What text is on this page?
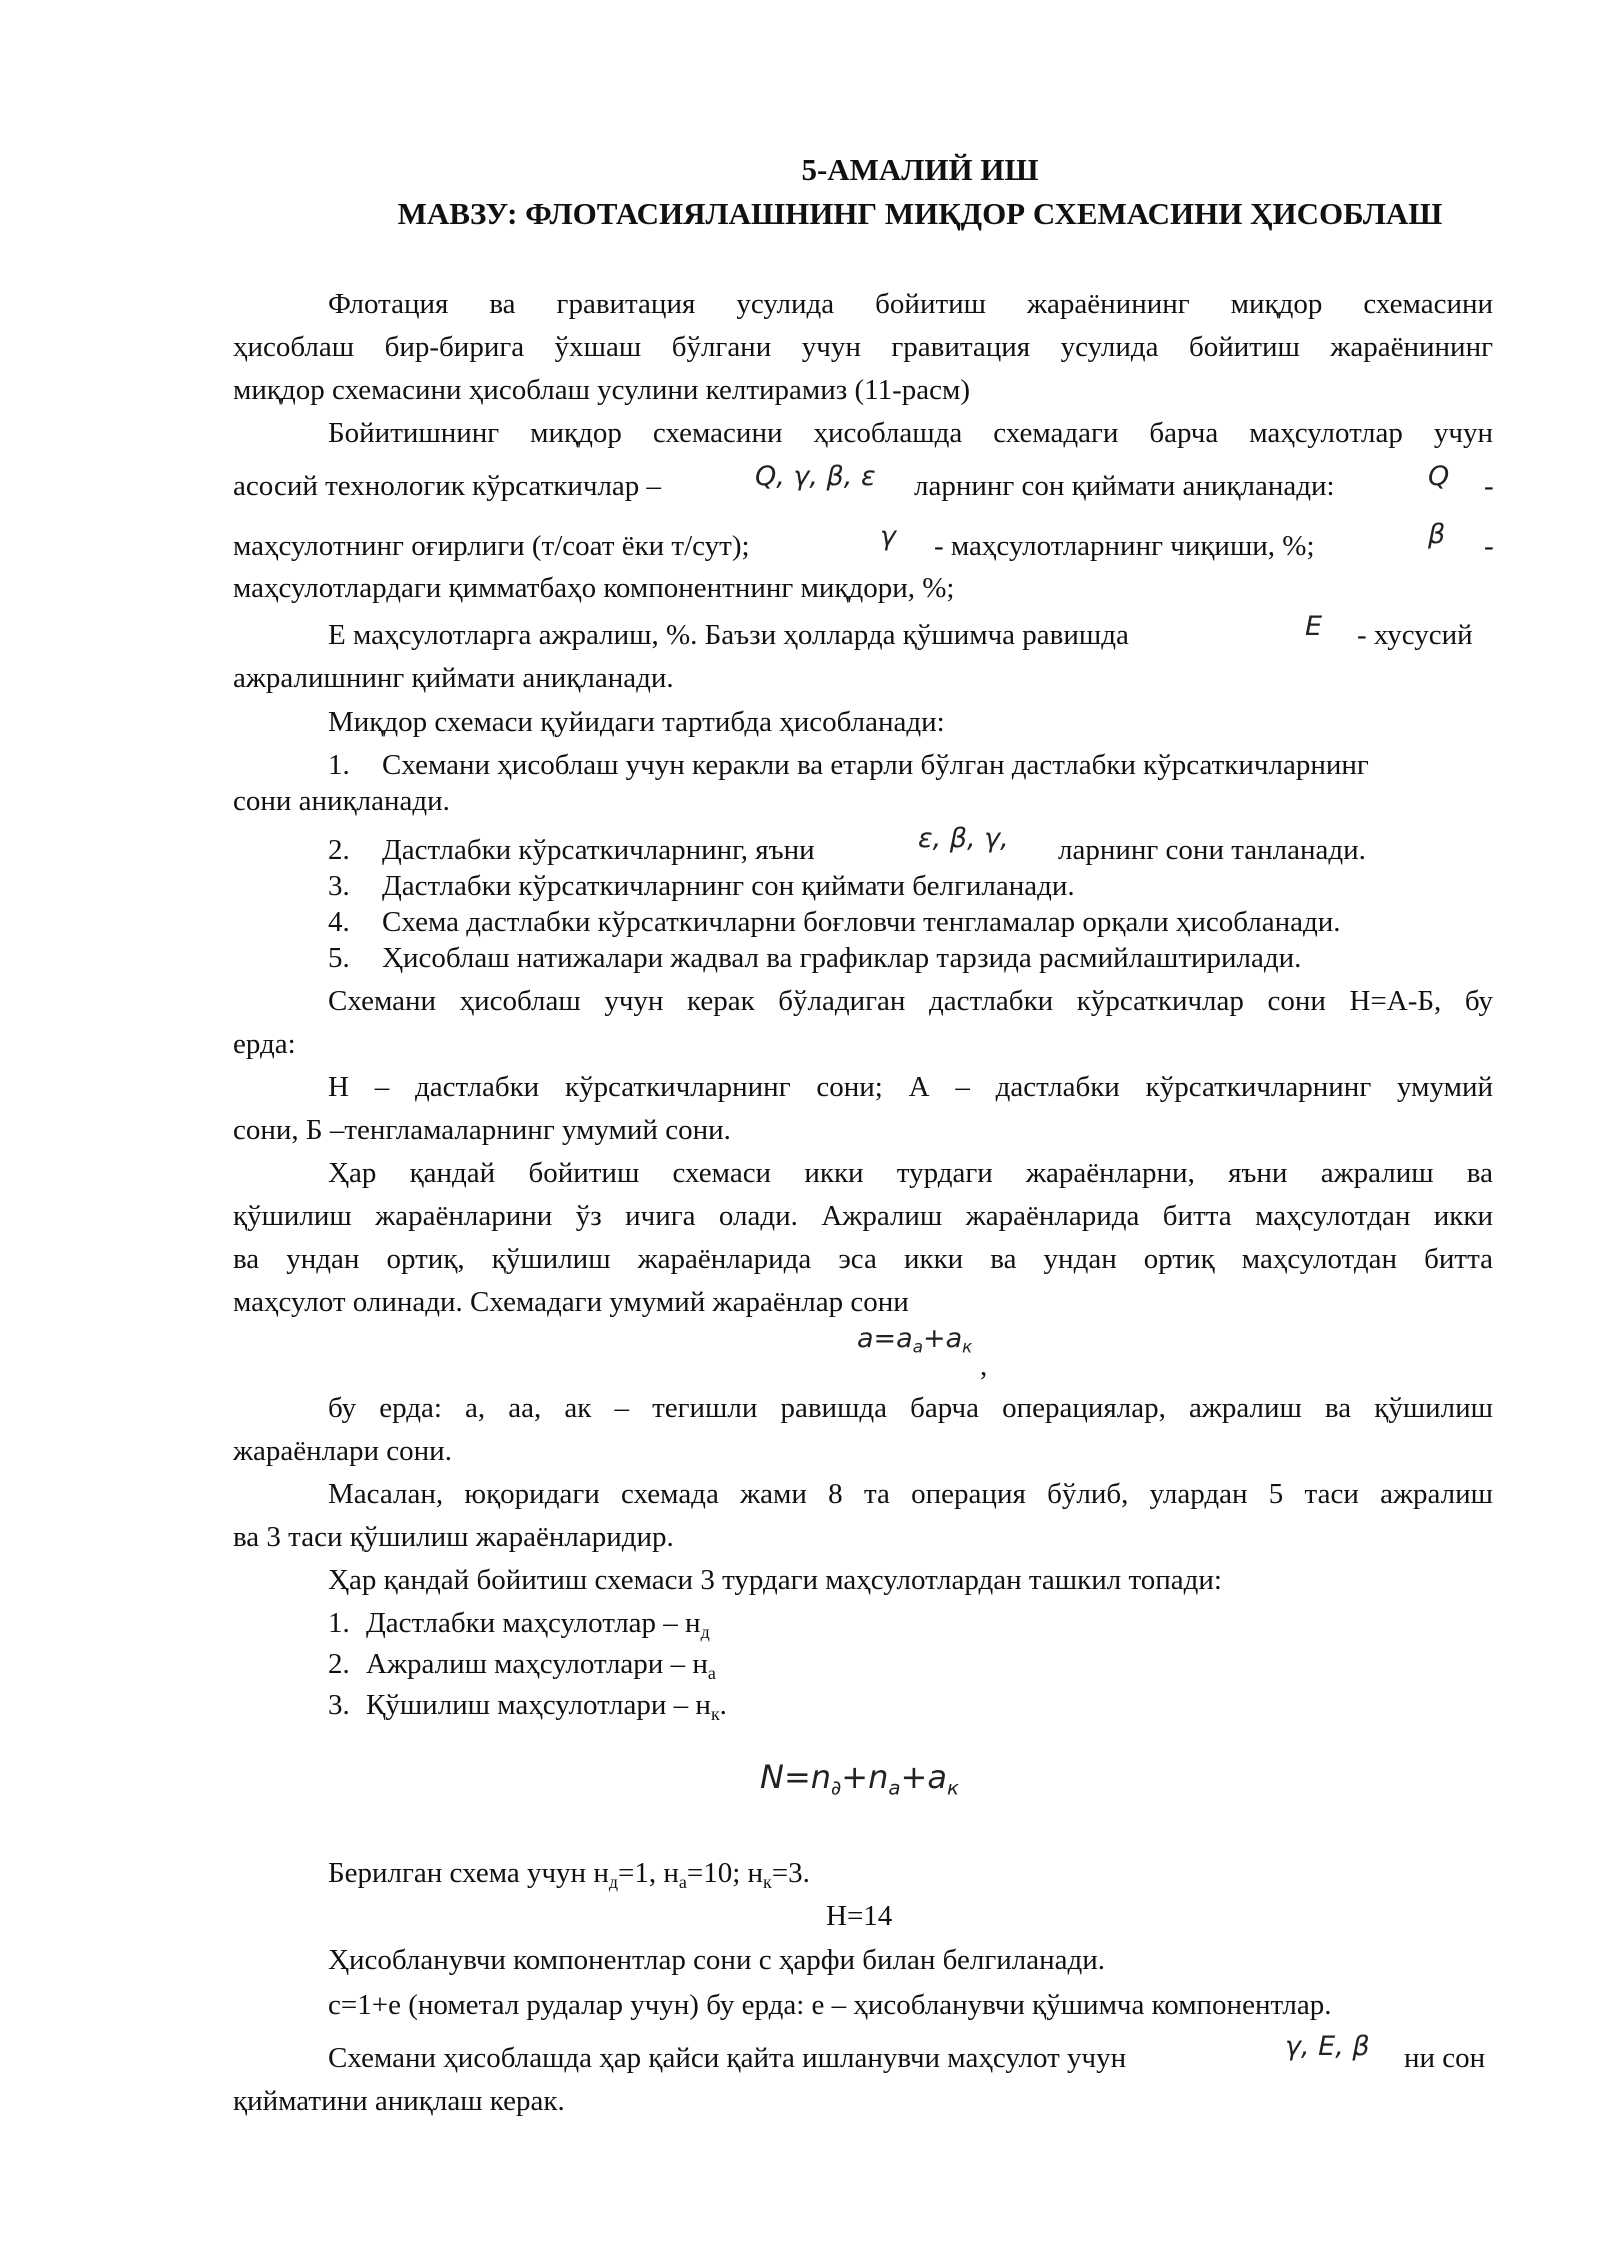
5-АМАЛИЙ ИШ
МАВЗУ: ФЛОТАСИЯЛАШНИНГ МИҚДОР СХЕМАСИНИ ҲИСОБЛАШ
Флотация ва гравитация усулида бойитиш жараёнининг миқдор схемасини
ҳисоблаш бир-бирига ўхшаш бўлгани учун гравитация усулида бойитиш жараёнининг
миқдор схемасини ҳисоблаш усулини келтирамиз (11-расм)
Бойитишнинг миқдор схемасини ҳисоблашда схемадаги барча маҳсулотлар учун
асосий технологик кўрсаткичлар –	Q, γ, β, ε ларнинг сон қиймати аниқланади:	Q -
маҳсулотнинг оғирлиги (т/соат ёки т/сут);	γ - маҳсулотларнинг чиқиши, %;	β -
маҳсулотлардаги қимматбаҳо компонентнинг миқдори, %;
Е маҳсулотларга ажралиш, %. Баъзи ҳолларда қўшимча равишда	E - хусусий
ажралишнинг қиймати аниқланади.
Миқдор схемаси қуйидаги тартибда ҳисобланади:
1. Схемани ҳисоблаш учун керакли ва етарли бўлган дастлабки кўрсаткичларнинг
сони аниқланади.
2. Дастлабки кўрсаткичларнинг, яъни	ε, β, γ, ларнинг сони танланади.
3. Дастлабки кўрсаткичларнинг сон қиймати белгиланади.
4. Схема дастлабки кўрсаткичларни боғловчи тенгламалар орқали ҳисобланади.
5. Ҳисоблаш натижалари жадвал ва графиклар тарзида расмийлаштирилади.
Схемани ҳисоблаш учун керак бўладиган дастлабки кўрсаткичлар сони Н=А-Б, бу
ерда:
Н – дастлабки кўрсаткичларнинг сони; А – дастлабки кўрсаткичларнинг умумий
сони, Б –тенгламаларнинг умумий сони.
Ҳар қандай бойитиш схемаси икки турдаги жараёнларни, яъни ажралиш ва
қўшилиш жараёнларини ўз ичига олади. Ажралиш жараёнларида битта маҳсулотдан икки
ва ундан ортиқ, қўшилиш жараёнларида эса икки ва ундан ортиқ маҳсулотдан битта
маҳсулот олинади. Схемадаги умумий жараёнлар сони
$a=a_a+a_к$
,
бу ерда: а, аа, ак – тегишли равишда барча операциялар, ажралиш ва қўшилиш
жараёнлари сони.
Масалан, юқоридаги схемада жами 8 та операция бўлиб, улардан 5 таси ажралиш
ва 3 таси қўшилиш жараёнларидир.
Ҳар қандай бойитиш схемаси 3 турдаги маҳсулотлардан ташкил топади:
1. Дастлабки маҳсулотлар – $н_д$
2. Ажралиш маҳсулотлари – $н_а$
3. Қўшилиш маҳсулотлари – $н_к$.
$N=n_\partial+n_a+a_к$
Берилган схема учун $н_д=1$, $н_а=10$; $н_к=3$.
Н=14
Ҳисобланувчи компонентлар сони с ҳарфи билан белгиланади.
с=1+е (нометал рудалар учун) бу ерда: е – ҳисобланувчи қўшимча компонентлар.
Схемани ҳисоблашда ҳар қайси қайта ишланувчи маҳсулот учун	γ, E, β ни сон
қийматини аниқлаш керак.
